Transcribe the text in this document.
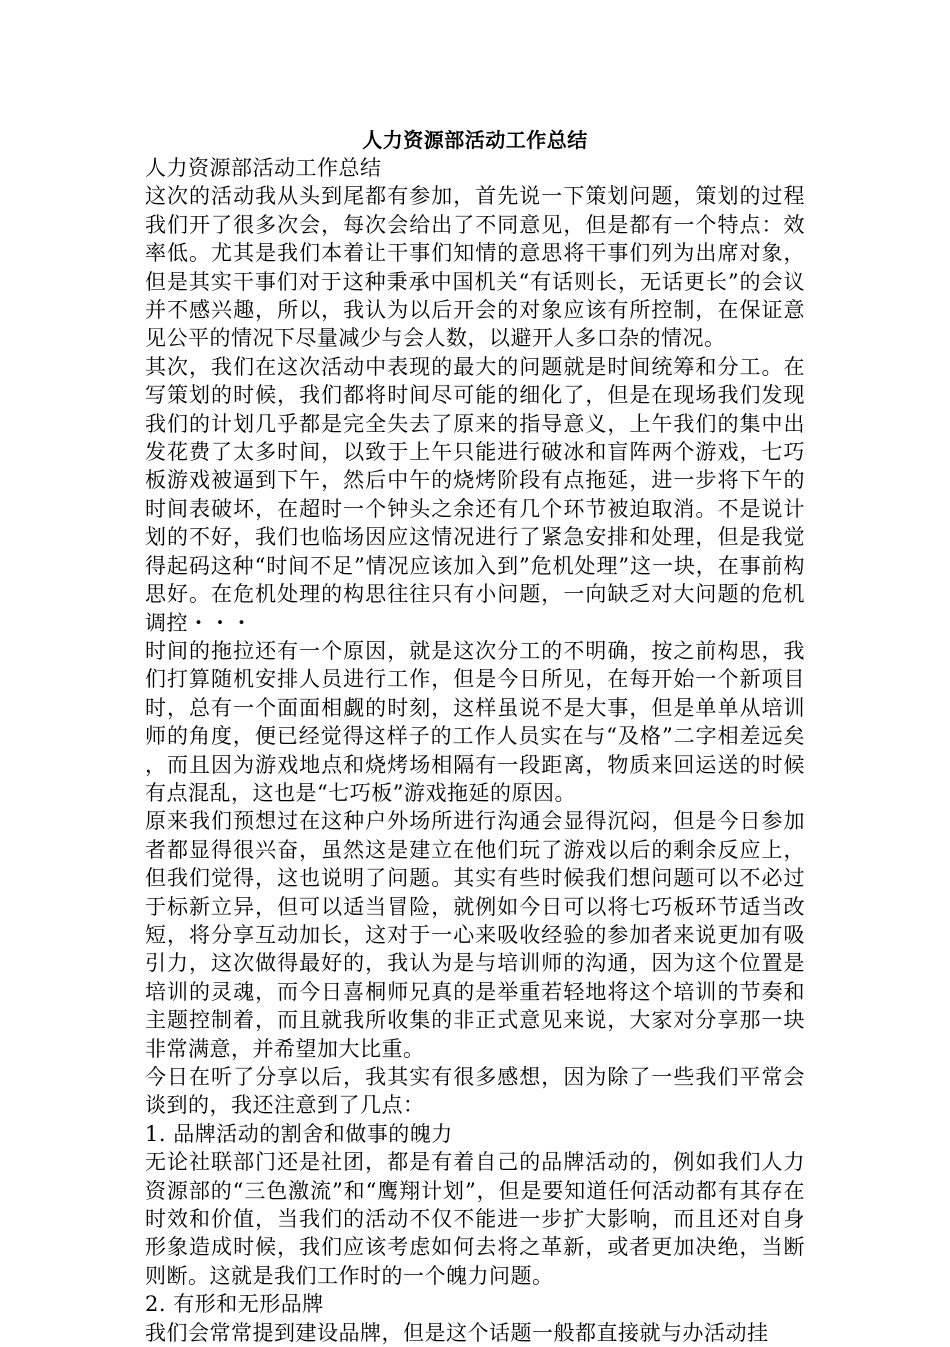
人力资源部活动工作总结

人力资源部活动工作总结

这次的活动我从头到尾都有参加，首先说一下策划问题，策划的过程我们开了很多次会，每次会给出了不同意见，但是都有一个特点：效率低。尤其是我们本着让干事们知情的意思将干事们列为出席对象，但是其实干事们对于这种秉承中国机关“有话则长，无话更长”的会议并不感兴趣，所以，我认为以后开会的对象应该有所控制，在保证意见公平的情况下尽量减少与会人数，以避开人多口杂的情况。

其次，我们在这次活动中表现的最大的问题就是时间统筹和分工。在写策划的时候，我们都将时间尽可能的细化了，但是在现场我们发现我们的计划几乎都是完全失去了原来的指导意义，上午我们的集中出发花费了太多时间，以致于上午只能进行破冰和盲阵两个游戏，七巧板游戏被逼到下午，然后中午的烧烤阶段有点拖延，进一步将下午的时间表破坏，在超时一个钟头之余还有几个环节被迫取消。不是说计划的不好，我们也临场因应这情况进行了紧急安排和处理，但是我觉得起码这种“时间不足”情况应该加入到”危机处理”这一块，在事前构思好。在危机处理的构思往往只有小问题，一向缺乏对大问题的危机调控・・・

时间的拖拉还有一个原因，就是这次分工的不明确，按之前构思，我们打算随机安排人员进行工作，但是今日所见，在每开始一个新项目时，总有一个面面相觑的时刻，这样虽说不是大事，但是单单从培训师的角度，便已经觉得这样子的工作人员实在与“及格”二字相差远矣，而且因为游戏地点和烧烤场相隔有一段距离，物质来回运送的时候有点混乱，这也是“七巧板”游戏拖延的原因。

原来我们预想过在这种户外场所进行沟通会显得沉闷，但是今日参加者都显得很兴奋，虽然这是建立在他们玩了游戏以后的剩余反应上，但我们觉得，这也说明了问题。其实有些时候我们想问题可以不必过于标新立异，但可以适当冒险，就例如今日可以将七巧板环节适当改短，将分享互动加长，这对于一心来吸收经验的参加者来说更加有吸引力，这次做得最好的，我认为是与培训师的沟通，因为这个位置是培训的灵魂，而今日喜桐师兄真的是举重若轻地将这个培训的节奏和主题控制着，而且就我所收集的非正式意见来说，大家对分享那一块非常满意，并希望加大比重。

今日在听了分享以后，我其实有很多感想，因为除了一些我们平常会谈到的，我还注意到了几点：

1. 品牌活动的割舍和做事的魄力

无论社联部门还是社团，都是有着自己的品牌活动的，例如我们人力资源部的“三色激流”和“鹰翔计划”，但是要知道任何活动都有其存在时效和价值，当我们的活动不仅不能进一步扩大影响，而且还对自身形象造成时候，我们应该考虑如何去将之革新，或者更加决绝，当断则断。这就是我们工作时的一个魄力问题。

2. 有形和无形品牌

我们会常常提到建设品牌，但是这个话题一般都直接就与办活动挂
